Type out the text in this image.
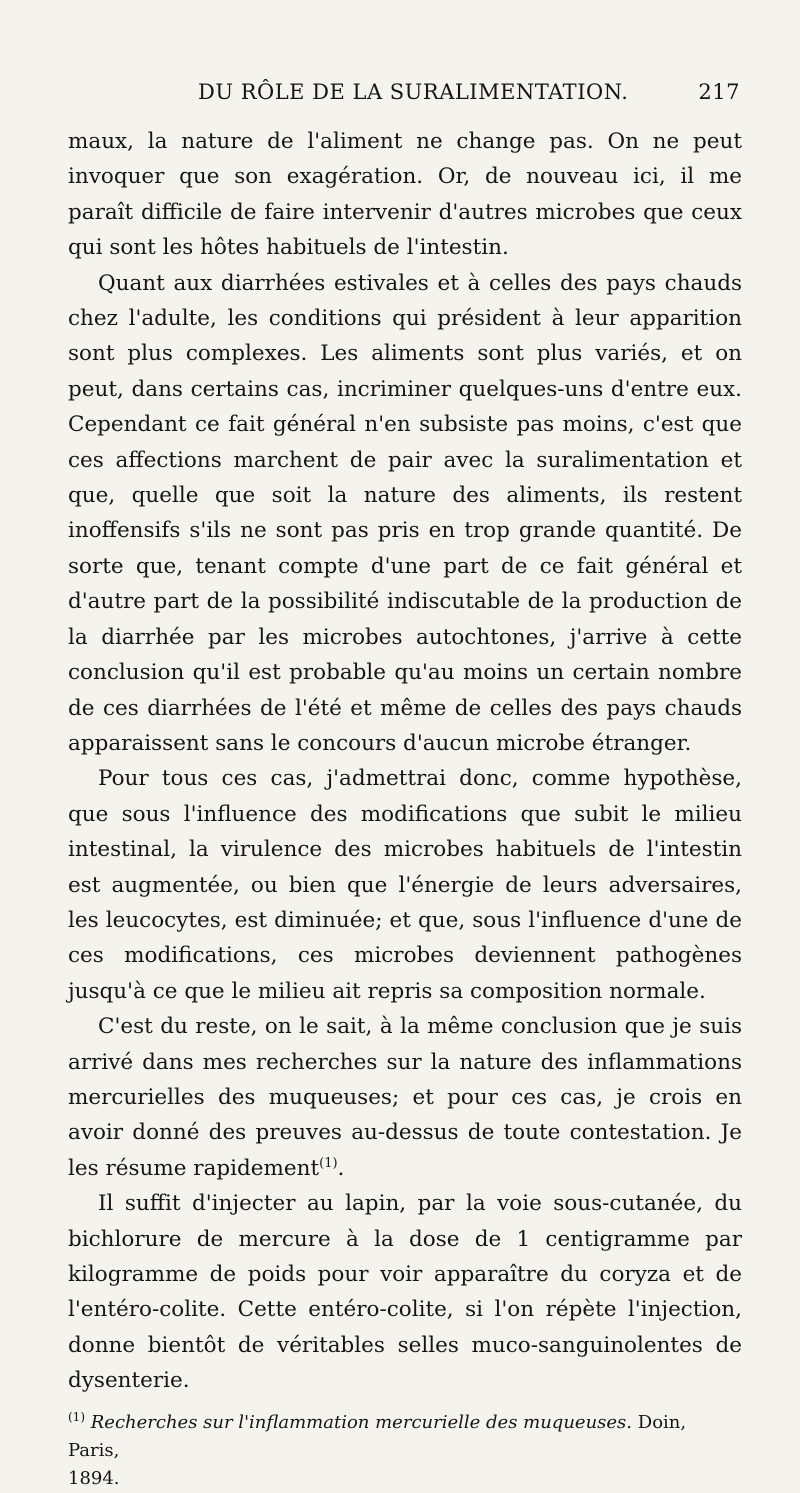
DU RÔLE DE LA SURALIMENTATION.	217

maux, la nature de l'aliment ne change pas. On ne peut invoquer que son exagération. Or, de nouveau ici, il me paraît difficile de faire intervenir d'autres microbes que ceux qui sont les hôtes habituels de l'intestin.

Quant aux diarrhées estivales et à celles des pays chauds chez l'adulte, les conditions qui président à leur apparition sont plus complexes. Les aliments sont plus variés, et on peut, dans certains cas, incriminer quelques-uns d'entre eux. Cependant ce fait général n'en subsiste pas moins, c'est que ces affections marchent de pair avec la suralimentation et que, quelle que soit la nature des aliments, ils restent inoffensifs s'ils ne sont pas pris en trop grande quantité. De sorte que, tenant compte d'une part de ce fait général et d'autre part de la possibilité indiscutable de la production de la diarrhée par les microbes autochtones, j'arrive à cette conclusion qu'il est probable qu'au moins un certain nombre de ces diarrhées de l'été et même de celles des pays chauds apparaissent sans le concours d'aucun microbe étranger.

Pour tous ces cas, j'admettrai donc, comme hypothèse, que sous l'influence des modifications que subit le milieu intestinal, la virulence des microbes habituels de l'intestin est augmentée, ou bien que l'énergie de leurs adversaires, les leucocytes, est diminuée; et que, sous l'influence d'une de ces modifications, ces microbes deviennent pathogènes jusqu'à ce que le milieu ait repris sa composition normale.

C'est du reste, on le sait, à la même conclusion que je suis arrivé dans mes recherches sur la nature des inflammations mercurielles des muqueuses; et pour ces cas, je crois en avoir donné des preuves au-dessus de toute contestation. Je les résume rapidement$^{(1)}$.

Il suffit d'injecter au lapin, par la voie sous-cutanée, du bichlorure de mercure à la dose de 1 centigramme par kilogramme de poids pour voir apparaître du coryza et de l'entéro-colite. Cette entéro-colite, si l'on répète l'injection, donne bientôt de véritables selles muco-sanguinolentes de dysenterie.

$^{(1)}$ Recherches sur l'inflammation mercurielle des muqueuses. Doin, Paris,
1894.
